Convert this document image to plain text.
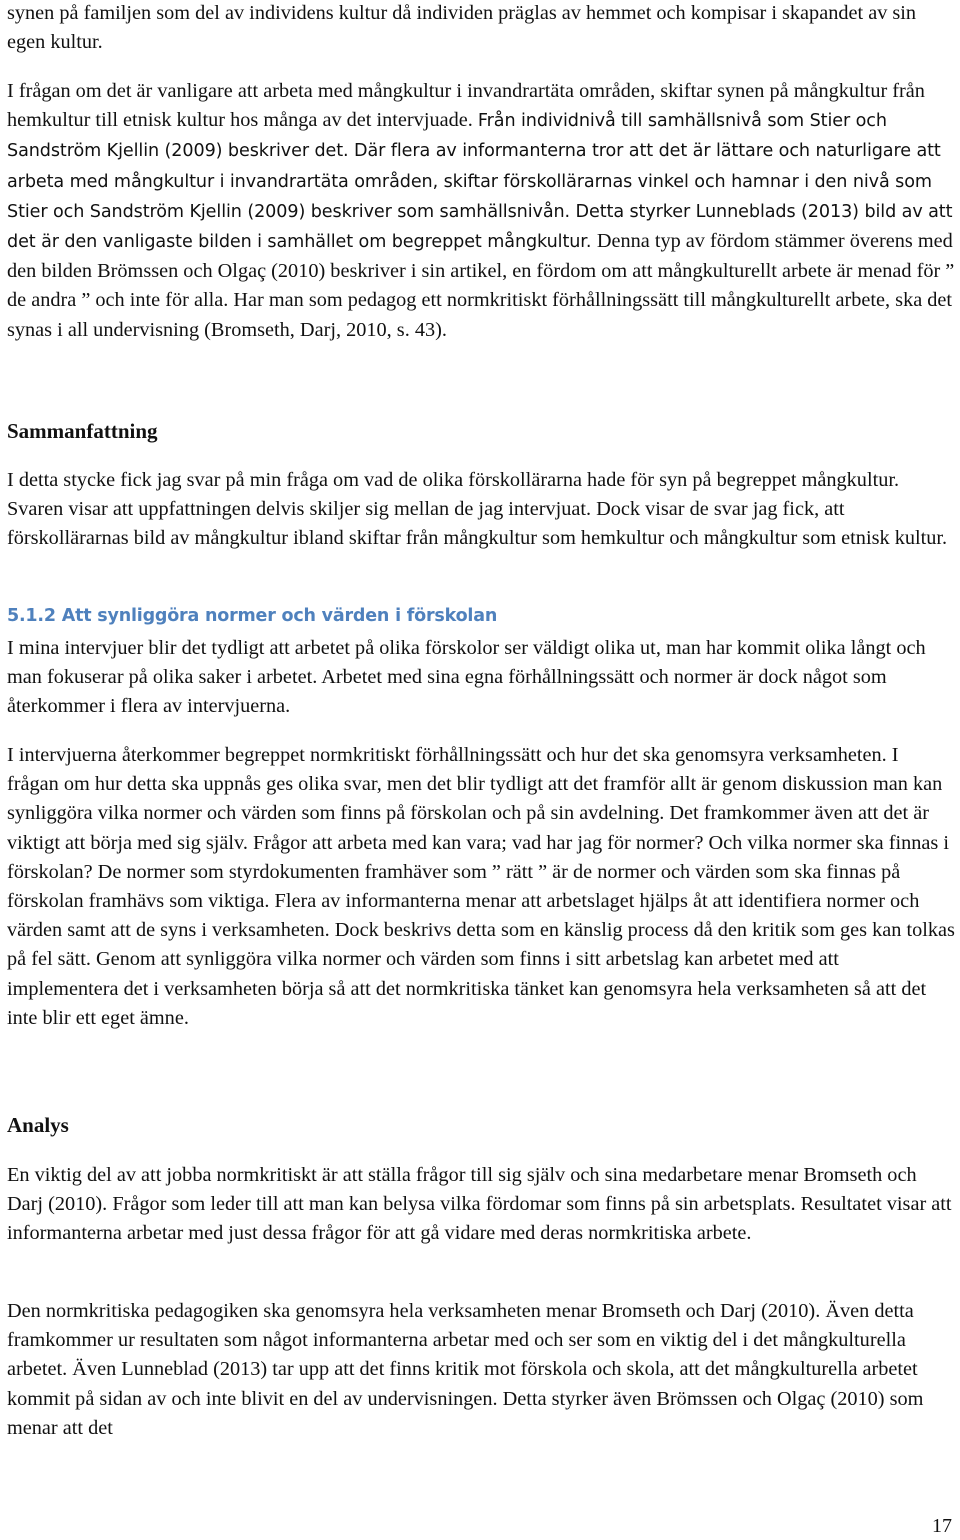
synen på familjen som del av individens kultur då individen präglas av hemmet och kompisar i skapandet av sin egen kultur.

I frågan om det är vanligare att arbeta med mångkultur i invandrartäta områden, skiftar synen på mångkultur från hemkultur till etnisk kultur hos många av det intervjuade. Från individnivå till samhällsnivå som Stier och Sandström Kjellin (2009) beskriver det. Där flera av informanterna tror att det är lättare och naturligare att arbeta med mångkultur i invandrartäta områden, skiftar förskollärarnas vinkel och hamnar i den nivå som Stier och Sandström Kjellin (2009) beskriver som samhällsnivån. Detta styrker Lunneblads (2013) bild av att det är den vanligaste bilden i samhället om begreppet mångkultur. Denna typ av fördom stämmer överens med den bilden Brömssen och Olgaç (2010) beskriver i sin artikel, en fördom om att mångkulturellt arbete är menad för ” de andra ” och inte för alla. Har man som pedagog ett normkritiskt förhållningssätt till mångkulturellt arbete, ska det synas i all undervisning (Bromseth, Darj, 2010, s. 43).

Sammanfattning

I detta stycke fick jag svar på min fråga om vad de olika förskollärarna hade för syn på begreppet mångkultur. Svaren visar att uppfattningen delvis skiljer sig mellan de jag intervjuat. Dock visar de svar jag fick, att förskollärarnas bild av mångkultur ibland skiftar från mångkultur som hemkultur och mångkultur som etnisk kultur.

5.1.2 Att synliggöra normer och värden i förskolan

I mina intervjuer blir det tydligt att arbetet på olika förskolor ser väldigt olika ut, man har kommit olika långt och man fokuserar på olika saker i arbetet. Arbetet med sina egna förhållningssätt och normer är dock något som återkommer i flera av intervjuerna.

I intervjuerna återkommer begreppet normkritiskt förhållningssätt och hur det ska genomsyra verksamheten. I frågan om hur detta ska uppnås ges olika svar, men det blir tydligt att det framför allt är genom diskussion man kan synliggöra vilka normer och värden som finns på förskolan och på sin avdelning. Det framkommer även att det är viktigt att börja med sig själv. Frågor att arbeta med kan vara; vad har jag för normer? Och vilka normer ska finnas i förskolan? De normer som styrdokumenten framhäver som ” rätt ” är de normer och värden som ska finnas på förskolan framhävs som viktiga. Flera av informanterna menar att arbetslaget hjälps åt att identifiera normer och värden samt att de syns i verksamheten. Dock beskrivs detta som en känslig process då den kritik som ges kan tolkas på fel sätt. Genom att synliggöra vilka normer och värden som finns i sitt arbetslag kan arbetet med att implementera det i verksamheten börja så att det normkritiska tänket kan genomsyra hela verksamheten så att det inte blir ett eget ämne.

Analys

En viktig del av att jobba normkritiskt är att ställa frågor till sig själv och sina medarbetare menar Bromseth och Darj (2010). Frågor som leder till att man kan belysa vilka fördomar som finns på sin arbetsplats. Resultatet visar att informanterna arbetar med just dessa frågor för att gå vidare med deras normkritiska arbete.

Den normkritiska pedagogiken ska genomsyra hela verksamheten menar Bromseth och Darj (2010). Även detta framkommer ur resultaten som något informanterna arbetar med och ser som en viktig del i det mångkulturella arbetet. Även Lunneblad (2013) tar upp att det finns kritik mot förskola och skola, att det mångkulturella arbetet kommit på sidan av och inte blivit en del av undervisningen. Detta styrker även Brömssen och Olgaç (2010) som menar att det

17
